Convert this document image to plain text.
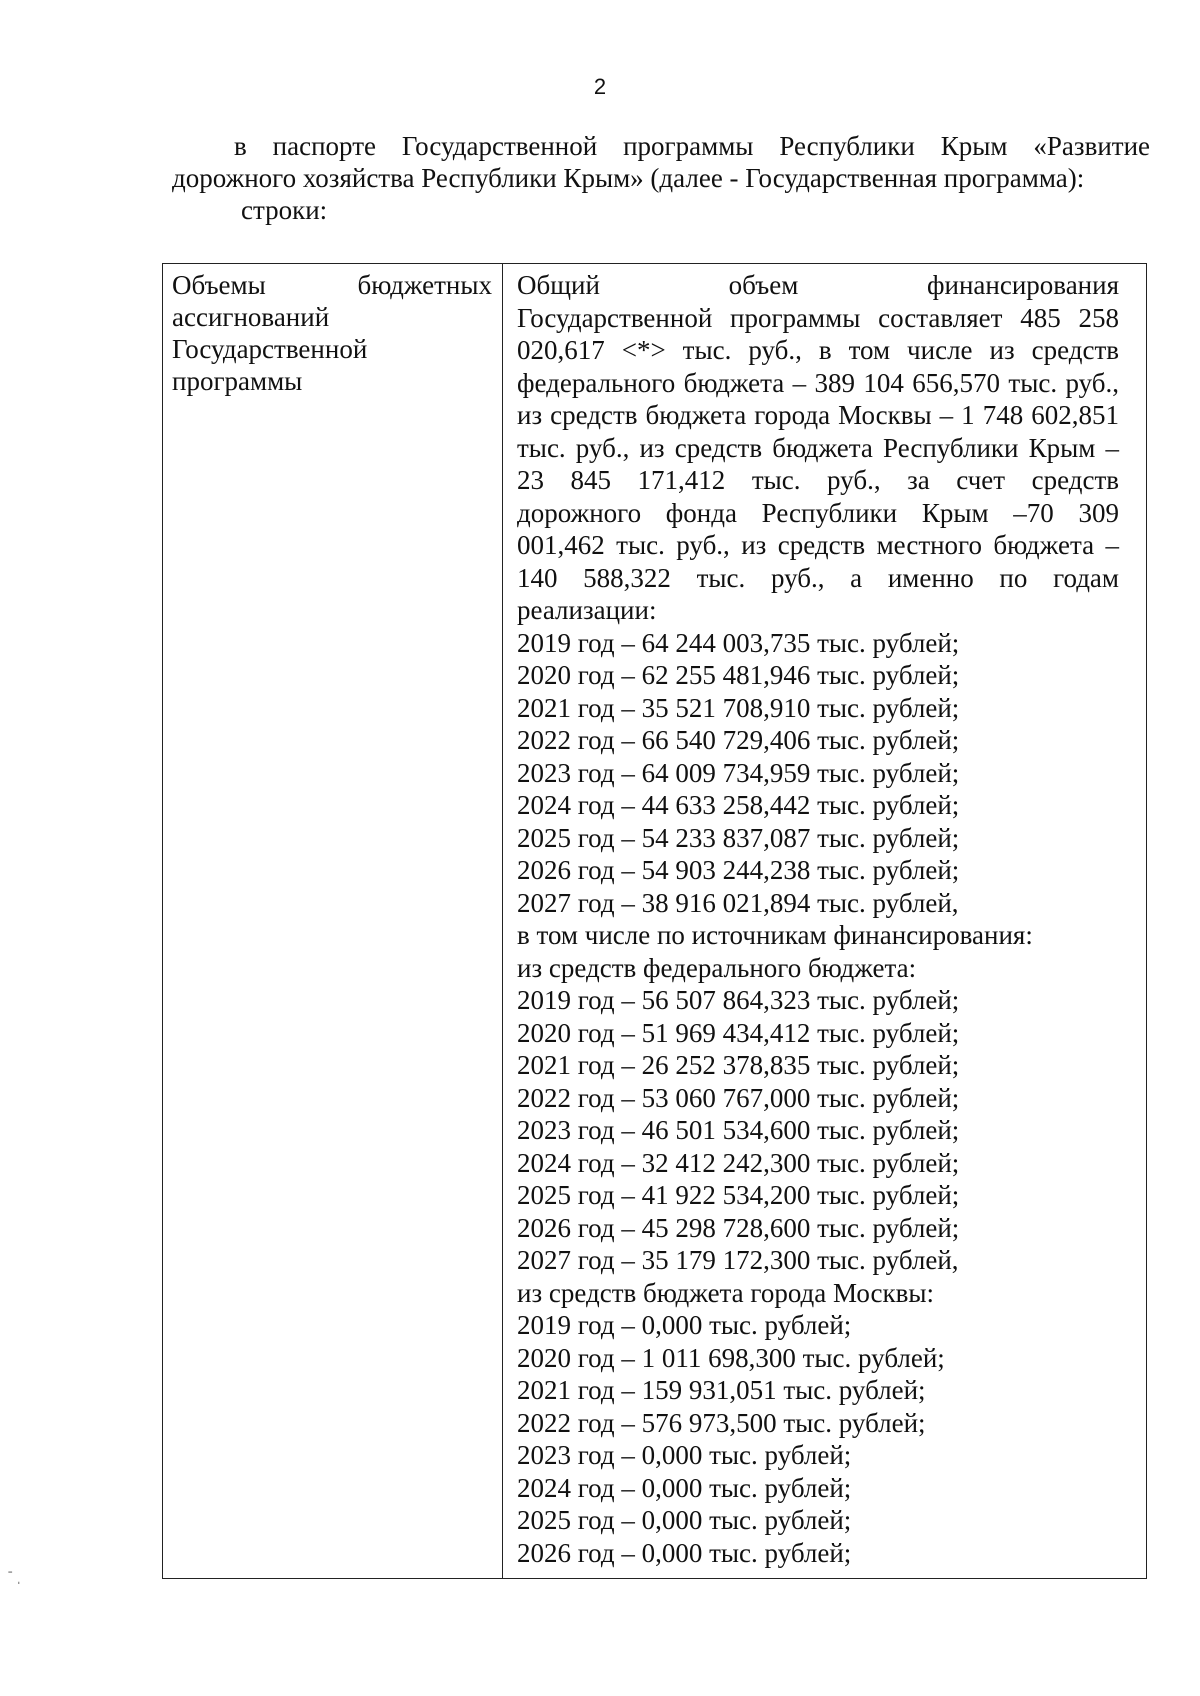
2
в паспорте Государственной программы Республики Крым «Развитие
дорожного хозяйства Республики Крым» (далее - Государственная программа):
строки:
Объемы бюджетных
ассигнований
Государственной
программы
Общий объем финансирования
Государственной программы составляет 485 258 020,617 <*> тыс. руб., в том числе из средств федерального бюджета – 389 104 656,570 тыс. руб., из средств бюджета города Москвы – 1 748 602,851 тыс. руб., из средств бюджета Республики Крым – 23 845 171,412 тыс. руб., за счет средств дорожного фонда Республики Крым –70 309 001,462 тыс. руб., из средств местного бюджета – 140 588,322 тыс. руб., а именно по годам реализации:
2019 год – 64 244 003,735 тыс. рублей;
2020 год – 62 255 481,946 тыс. рублей;
2021 год – 35 521 708,910 тыс. рублей;
2022 год – 66 540 729,406 тыс. рублей;
2023 год – 64 009 734,959 тыс. рублей;
2024 год – 44 633 258,442 тыс. рублей;
2025 год – 54 233 837,087 тыс. рублей;
2026 год – 54 903 244,238 тыс. рублей;
2027 год – 38 916 021,894 тыс. рублей,
в том числе по источникам финансирования:
из средств федерального бюджета:
2019 год – 56 507 864,323 тыс. рублей;
2020 год – 51 969 434,412 тыс. рублей;
2021 год – 26 252 378,835 тыс. рублей;
2022 год – 53 060 767,000 тыс. рублей;
2023 год – 46 501 534,600 тыс. рублей;
2024 год – 32 412 242,300 тыс. рублей;
2025 год – 41 922 534,200 тыс. рублей;
2026 год – 45 298 728,600 тыс. рублей;
2027 год – 35 179 172,300 тыс. рублей,
из средств бюджета города Москвы:
2019 год – 0,000 тыс. рублей;
2020 год – 1 011 698,300 тыс. рублей;
2021 год – 159 931,051 тыс. рублей;
2022 год – 576 973,500 тыс. рублей;
2023 год – 0,000 тыс. рублей;
2024 год – 0,000 тыс. рублей;
2025 год – 0,000 тыс. рублей;
2026 год – 0,000 тыс. рублей;
ˉ ˌ
